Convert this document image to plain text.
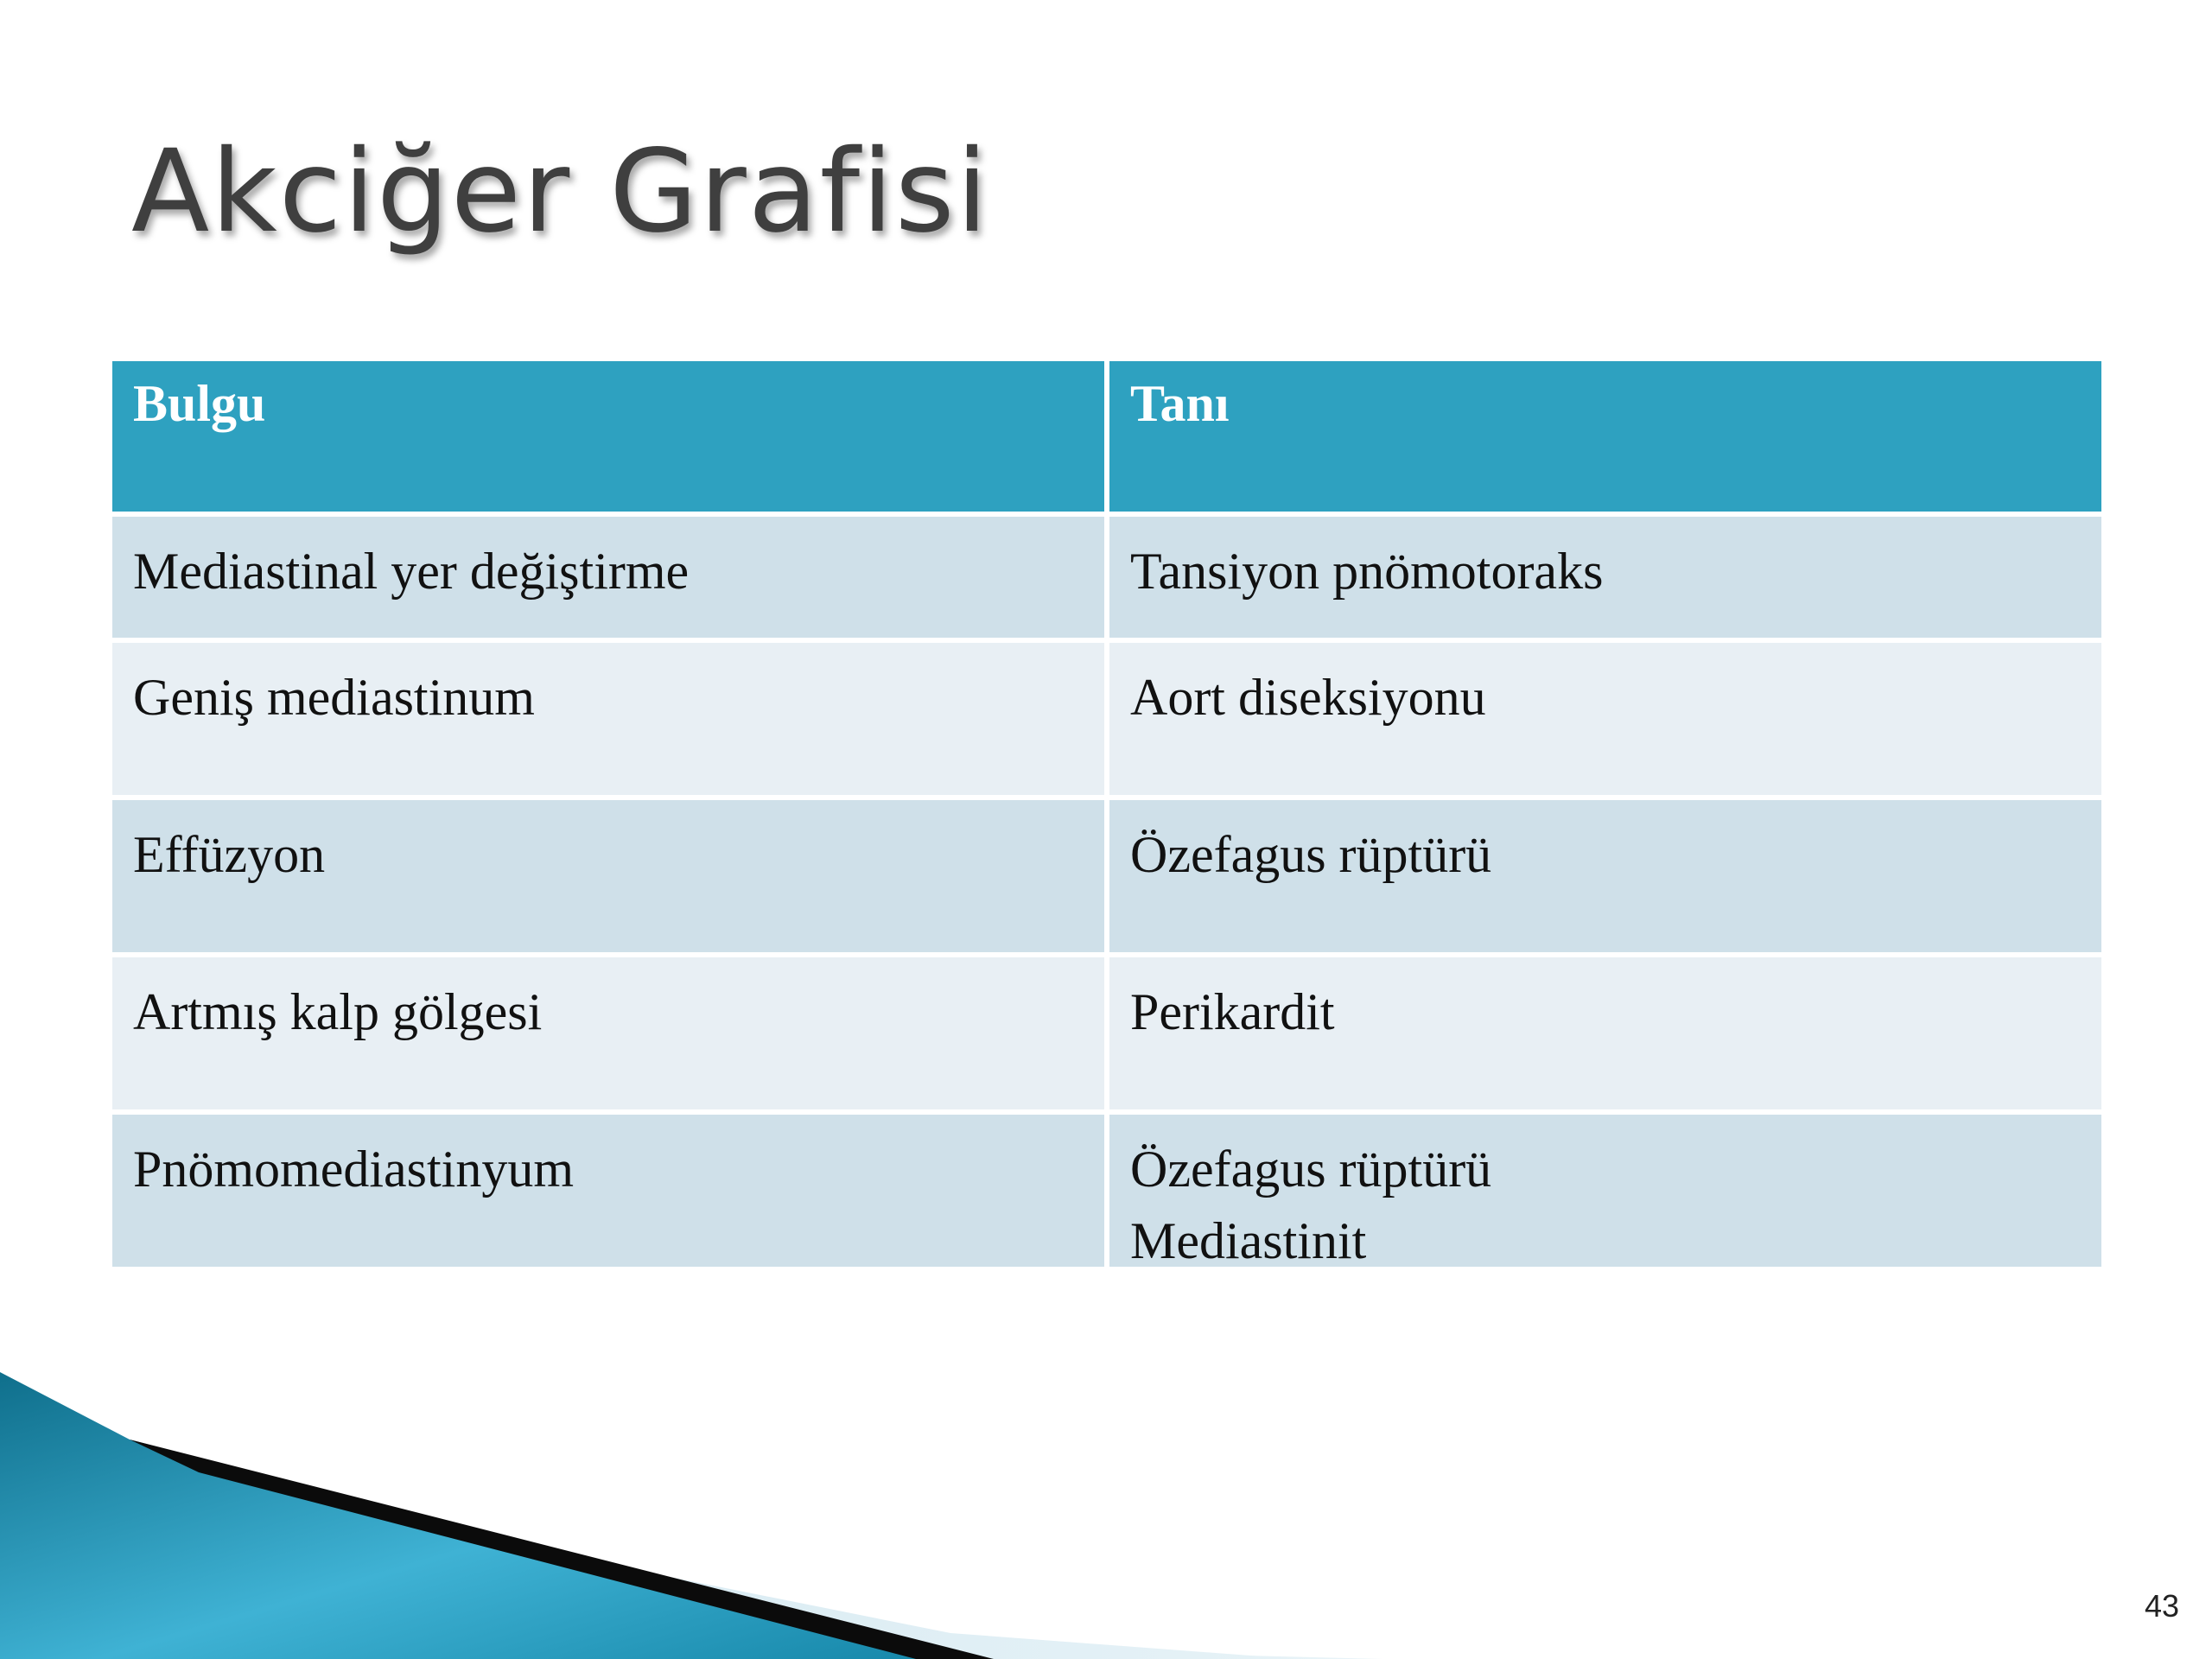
Akciğer Grafisi
Bulgu	Tanı
Mediastinal yer değiştirme	Tansiyon pnömotoraks
Geniş mediastinum	Aort diseksiyonu
Effüzyon	Özefagus rüptürü
Artmış kalp gölgesi	Perikardit
Pnömomediastinyum	Özefagus rüptürü
Mediastinit
43
